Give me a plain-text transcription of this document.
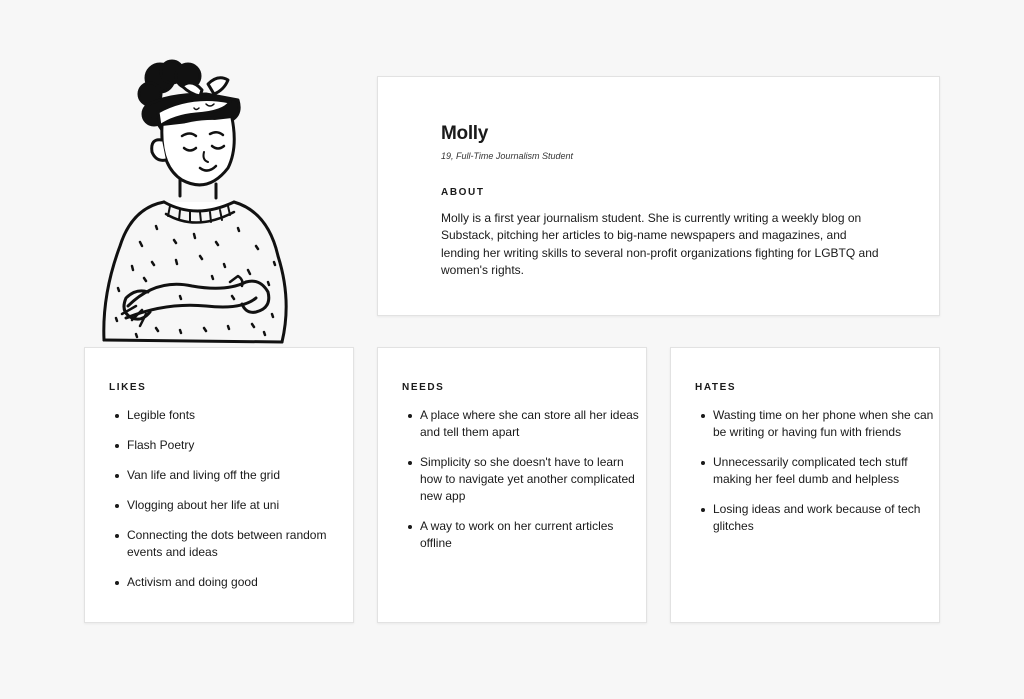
Molly

19, Full-Time Journalism Student

ABOUT

Molly is a first year journalism student. She is currently writing a weekly blog on Substack, pitching her articles to big-name newspapers and magazines, and lending her writing skills to several non-profit organizations fighting for LGBTQ and women's rights.

LIKES
Legible fonts
Flash Poetry
Van life and living off the grid
Vlogging about her life at uni
Connecting the dots between random events and ideas
Activism and doing good
NEEDS
A place where she can store all her ideas and tell them apart
Simplicity so she doesn't have to learn how to navigate yet another complicated new app
A way to work on her current articles offline
HATES
Wasting time on her phone when she can be writing or having fun with friends
Unnecessarily complicated tech stuff making her feel dumb and helpless
Losing ideas and work because of tech glitches
